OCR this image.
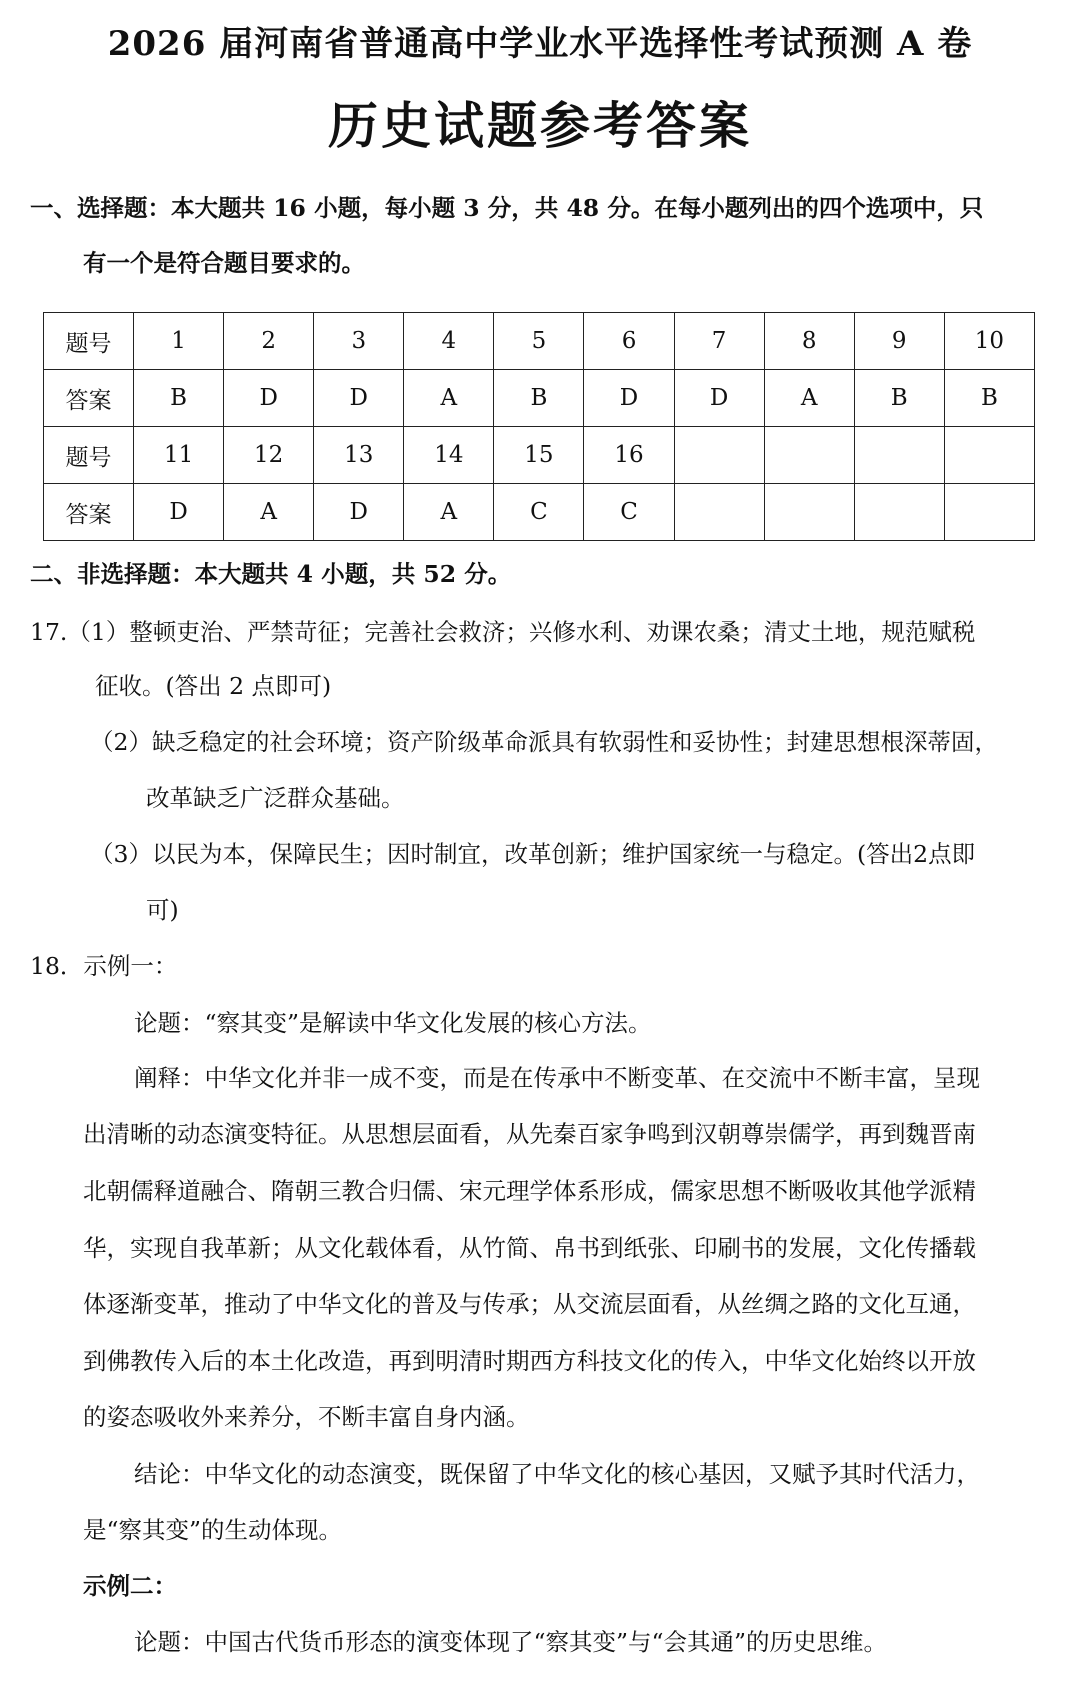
2026 届河南省普通高中学业水平选择性考试预测 A 卷
历史试题参考答案
一、选择题：本大题共 16 小题，每小题 3 分，共 48 分。在每小题列出的四个选项中，只
有一个是符合题目要求的。
题号	1	2	3	4	5	6	7	8	9	10
答案	B	D	D	A	B	D	D	A	B	B
题号	11	12	13	14	15	16				
答案	D	A	D	A	C	C				
二、非选择题：本大题共 4 小题，共 52 分。
17.（1）整顿吏治、严禁苛征；完善社会救济；兴修水利、劝课农桑；清丈土地，规范赋税
征收。(答出 2 点即可)
（2）缺乏稳定的社会环境；资产阶级革命派具有软弱性和妥协性；封建思想根深蒂固，
改革缺乏广泛群众基础。
（3）以民为本，保障民生；因时制宜，改革创新；维护国家统一与稳定。(答出2点即
可)
18．示例一：
论题：“察其变”是解读中华文化发展的核心方法。
阐释：中华文化并非一成不变，而是在传承中不断变革、在交流中不断丰富，呈现
出清晰的动态演变特征。从思想层面看，从先秦百家争鸣到汉朝尊崇儒学，再到魏晋南
北朝儒释道融合、隋朝三教合归儒、宋元理学体系形成，儒家思想不断吸收其他学派精
华，实现自我革新；从文化载体看，从竹简、帛书到纸张、印刷书的发展，文化传播载
体逐渐变革，推动了中华文化的普及与传承；从交流层面看，从丝绸之路的文化互通，
到佛教传入后的本土化改造，再到明清时期西方科技文化的传入，中华文化始终以开放
的姿态吸收外来养分，不断丰富自身内涵。
结论：中华文化的动态演变，既保留了中华文化的核心基因，又赋予其时代活力，
是“察其变”的生动体现。
示例二：
论题：中国古代货币形态的演变体现了“察其变”与“会其通”的历史思维。
